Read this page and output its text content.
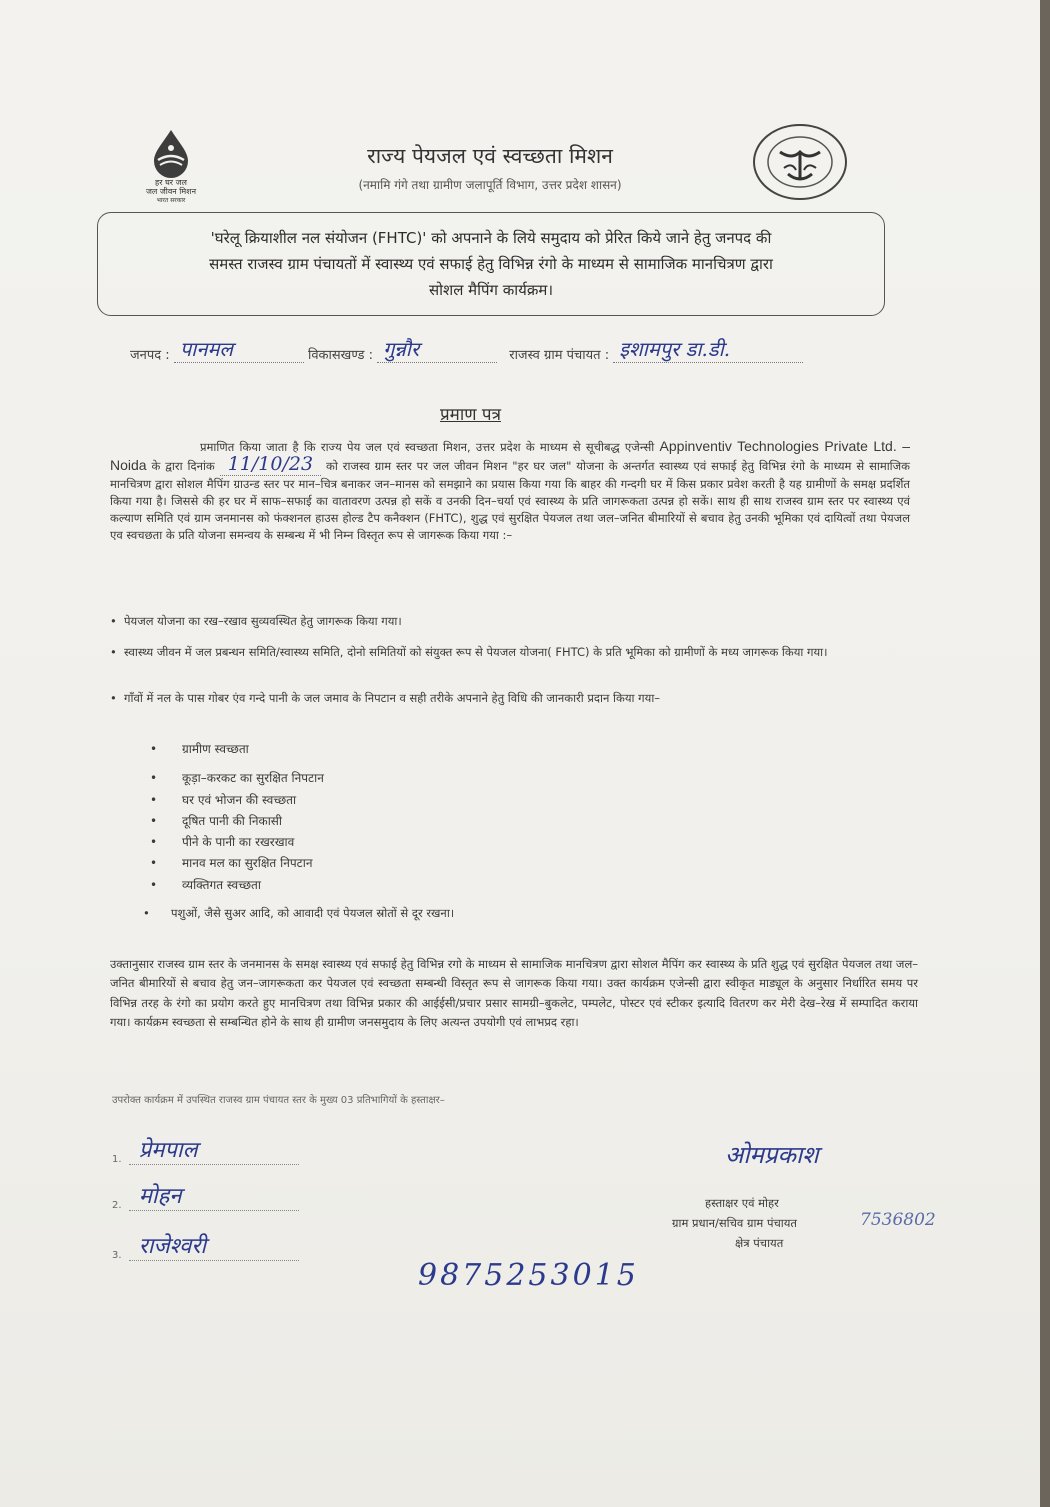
हर घर जल
जल जीवन मिशन
भारत सरकार
राज्य पेयजल एवं स्वच्छता मिशन
(नमामि गंगे तथा ग्रामीण जलापूर्ति विभाग, उत्तर प्रदेश शासन)
'घरेलू क्रियाशील नल संयोजन (FHTC)' को अपनाने के लिये समुदाय को प्रेरित किये जाने हेतु जनपद की
समस्त राजस्व ग्राम पंचायतों में स्वास्थ्य एवं सफाई हेतु विभिन्न रंगो के माध्यम से सामाजिक मानचित्रण द्वारा
सोशल मैपिंग कार्यक्रम।
जनपद : पानमल	विकासखण्ड : गुन्नौर	राजस्व ग्राम पंचायत : इशामपुर डा.डी.
प्रमाण पत्र
प्रमाणित किया जाता है कि राज्य पेय जल एवं स्वच्छता मिशन, उत्तर प्रदेश के माध्यम से सूचीबद्ध एजेन्सी Appinventiv Technologies Private Ltd. – Noida के द्वारा दिनांक 11/10/23 को राजस्व ग्राम स्तर पर जल जीवन मिशन "हर घर जल" योजना के अन्तर्गत स्वास्थ्य एवं सफाई हेतु विभिन्न रंगो के माध्यम से सामाजिक मानचित्रण द्वारा सोशल मैपिंग ग्राउन्ड स्तर पर मान–चित्र बनाकर जन–मानस को समझाने का प्रयास किया गया कि बाहर की गन्दगी घर में किस प्रकार प्रवेश करती है यह ग्रामीणों के समक्ष प्रदर्शित किया गया है। जिससे की हर घर में साफ–सफाई का वातावरण उत्पन्न हो सकें व उनकी दिन–चर्या एवं स्वास्थ्य के प्रति जागरूकता उत्पन्न हो सकें। साथ ही साथ राजस्व ग्राम स्तर पर स्वास्थ्य एवं कल्याण समिति एवं ग्राम जनमानस को फंक्शनल हाउस होल्ड टैप कनैक्शन (FHTC), शुद्ध एवं सुरक्षित पेयजल तथा जल–जनित बीमारियों से बचाव हेतु उनकी भूमिका एवं दायित्वों तथा पेयजल एव स्वचछता के प्रति योजना समन्वय के सम्बन्ध में भी निम्न विस्तृत रूप से जागरूक किया गया :–
• पेयजल योजना का रख–रखाव सुव्यवस्थित हेतु जागरूक किया गया।
• स्वास्थ्य जीवन में जल प्रबन्धन समिति/स्वास्थ्य समिति, दोनो समितियों को संयुक्त रूप से पेयजल योजना( FHTC) के प्रति भूमिका को ग्रामीणों के मध्य जागरूक किया गया।
• गाँवों में नल के पास गोबर एंव गन्दे पानी के जल जमाव के निपटान व सही तरीके अपनाने हेतु विधि की जानकारी प्रदान किया गया–
• ग्रामीण स्वच्छता
• कूड़ा–करकट का सुरक्षित निपटान
• घर एवं भोजन की स्वच्छता
• दूषित पानी की निकासी
• पीने के पानी का रखरखाव
• मानव मल का सुरक्षित निपटान
• व्यक्तिगत स्वच्छता
• पशुओं, जैसे सुअर आदि, को आवादी एवं पेयजल स्रोतों से दूर रखना।
उक्तानुसार राजस्व ग्राम स्तर के जनमानस के समक्ष स्वास्थ्य एवं सफाई हेतु विभिन्न रगो के माध्यम से सामाजिक मानचित्रण द्वारा सोशल मैपिंग कर स्वास्थ्य के प्रति शुद्ध एवं सुरक्षित पेयजल तथा जल–जनित बीमारियों से बचाव हेतु जन–जागरूकता कर पेयजल एवं स्वच्छता सम्बन्धी विस्तृत रूप से जागरूक किया गया। उक्त कार्यक्रम एजेन्सी द्वारा स्वीकृत माड्यूल के अनुसार निर्धारित समय पर विभिन्न तरह के रंगो का प्रयोग करते हुए मानचित्रण तथा विभिन्न प्रकार की आईईसी/प्रचार प्रसार सामग्री–बुकलेट, पम्पलेट, पोस्टर एवं स्टीकर इत्यादि वितरण कर मेरी देख–रेख में सम्पादित कराया गया। कार्यक्रम स्वच्छता से सम्बन्धित होने के साथ ही ग्रामीण जनसमुदाय के लिए अत्यन्त उपयोगी एवं लाभप्रद रहा।
उपरोक्त कार्यक्रम में उपस्थित राजस्व ग्राम पंचायत स्तर के मुख्य 03 प्रतिभागियों के हस्ताक्षर–
1. प्रेमपाल
2. मोहन
3. राजेश्वरी
9875253015
ओमप्रकाश
7536802
हस्ताक्षर एवं मोहर
ग्राम प्रधान/सचिव ग्राम पंचायत
क्षेत्र पंचायत
